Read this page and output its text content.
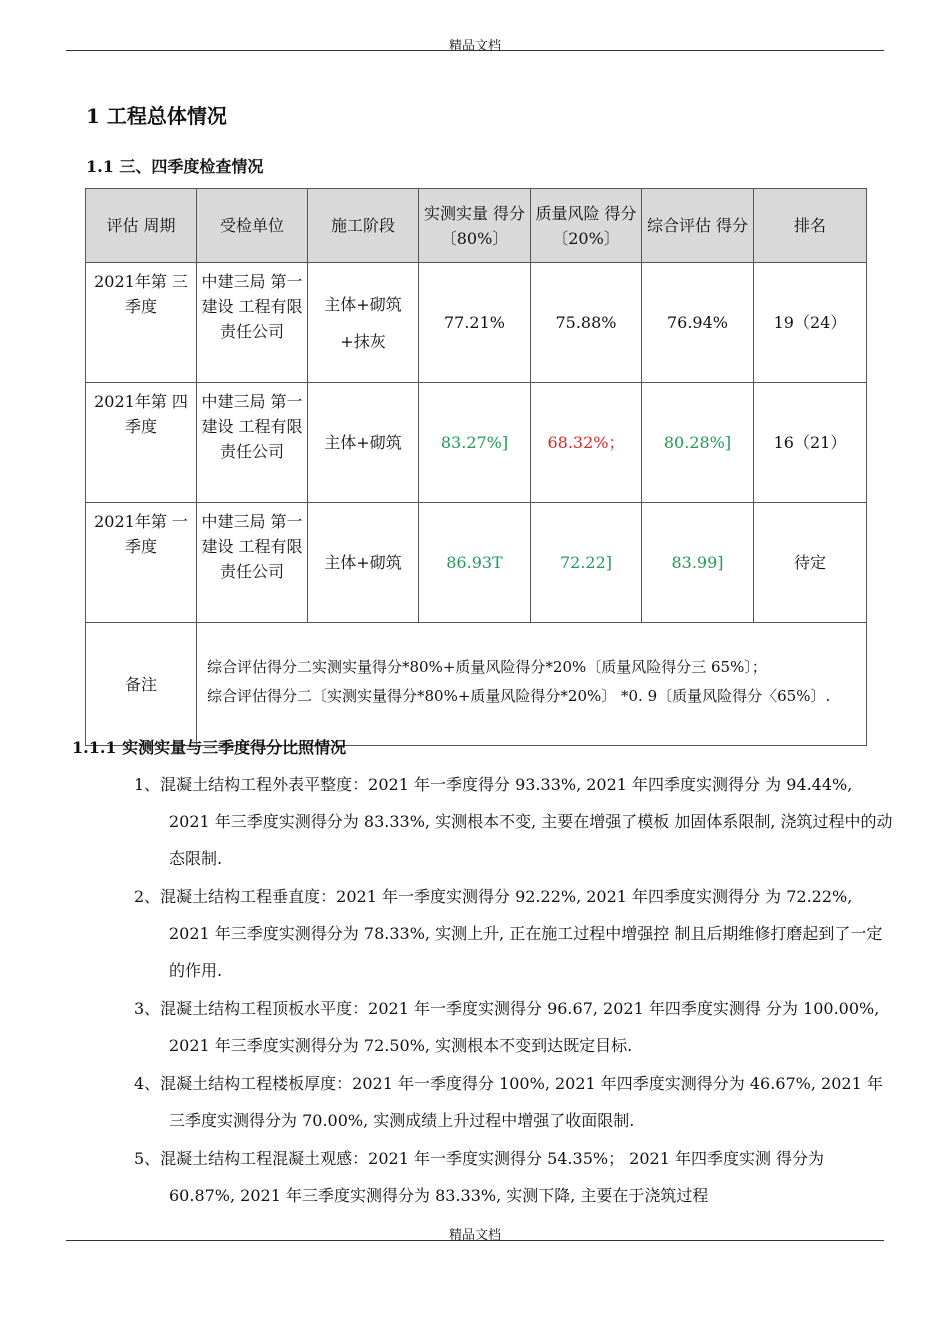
精品文档
1 工程总体情况
1.1 三、四季度检查情况
评估 周期	受检单位	施工阶段	实测实量 得分〔80%〕	质量风险 得分〔20%〕	综合评估 得分	排名
2021年第 三季度	中建三局 第一建设 工程有限 责任公司	主体+砌筑 +抹灰	77.21%	75.88%	76.94%	19（24）
2021年第 四季度	中建三局 第一建设 工程有限 责任公司	主体+砌筑	83.27%]	68.32%；	80.28%]	16（21）
2021年第 一季度	中建三局 第一建设 工程有限 责任公司	主体+砌筑	86.93T	72.22]	83.99]	待定
备注	综合评估得分二实测实量得分*80%+质量风险得分*20%〔质量风险得分三 65%〕；
综合评估得分二〔实测实量得分*80%+质量风险得分*20%〕 *0. 9〔质量风险得分〈65%〕.					
1.1.1 实测实量与三季度得分比照情况

1、混凝土结构工程外表平整度：2021 年一季度得分 93.33%, 2021 年四季度实测得分 为 94.44%, 2021 年三季度实测得分为 83.33%, 实测根本不变, 主要在增强了模板 加固体系限制, 浇筑过程中的动态限制.

2、混凝土结构工程垂直度：2021 年一季度实测得分 92.22%, 2021 年四季度实测得分 为 72.22%, 2021 年三季度实测得分为 78.33%, 实测上升, 正在施工过程中增强控 制且后期维修打磨起到了一定的作用.

3、混凝土结构工程顶板水平度：2021 年一季度实测得分 96.67, 2021 年四季度实测得 分为 100.00%, 2021 年三季度实测得分为 72.50%, 实测根本不变到达既定目标.

4、混凝土结构工程楼板厚度：2021 年一季度得分 100%, 2021 年四季度实测得分为 46.67%, 2021 年三季度实测得分为 70.00%, 实测成绩上升过程中增强了收面限制.

5、混凝土结构工程混凝土观感：2021 年一季度实测得分 54.35%； 2021 年四季度实测 得分为 60.87%, 2021 年三季度实测得分为 83.33%, 实测下降, 主要在于浇筑过程

精品文档
